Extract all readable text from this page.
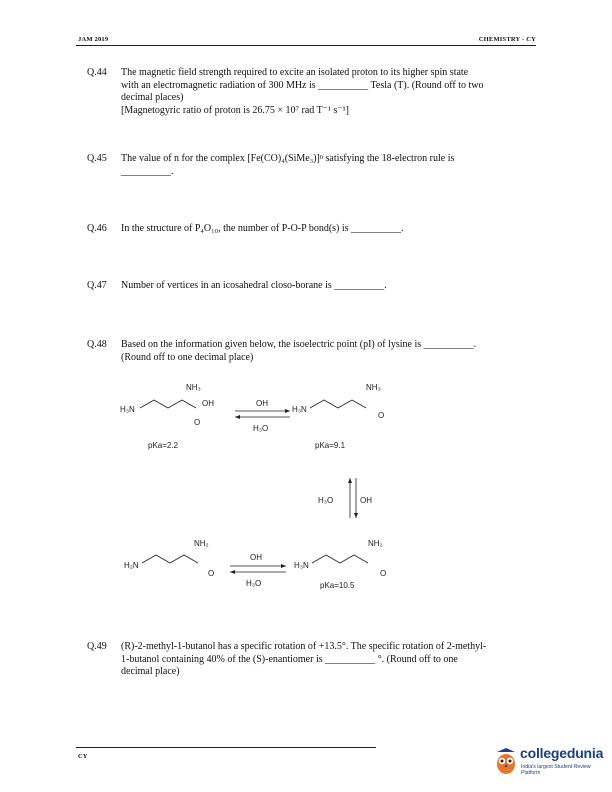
JAM 2019	CHEMISTRY - CY
Q.44 The magnetic field strength required to excite an isolated proton to its higher spin state
with an electromagnetic radiation of 300 MHz is __________ Tesla (T). (Round off to two
decimal places)
[Magnetogyric ratio of proton is 26.75 × 10⁷ rad T⁻¹ s⁻¹]
Q.45 The value of n for the complex [Fe(CO)₄(SiMe₃)]ⁿ satisfying the 18-electron rule is
__________.
Q.46 In the structure of P₄O₁₀, the number of P-O-P bond(s) is __________.
Q.47 Number of vertices in an icosahedral closo-borane is __________.
Q.48 Based on the information given below, the isoelectric point (pI) of lysine is __________.
(Round off to one decimal place)
H₃N
NH₃
OH
O
pKa=2.2
OH
H₃O
H₃N
NH₃
O
pKa=9.1
H₃O	OH
H₃N
NH₂
O
pKa=10.5
H₂N
NH₂
O
OH
H₃O
Q.49 (R)-2-methyl-1-butanol has a specific rotation of +13.5°. The specific rotation of 2-methyl-
1-butanol containing 40% of the (S)-enantiomer is __________ °. (Round off to one
decimal place)
CY	collegedunia
India's largest Student Review Platform
